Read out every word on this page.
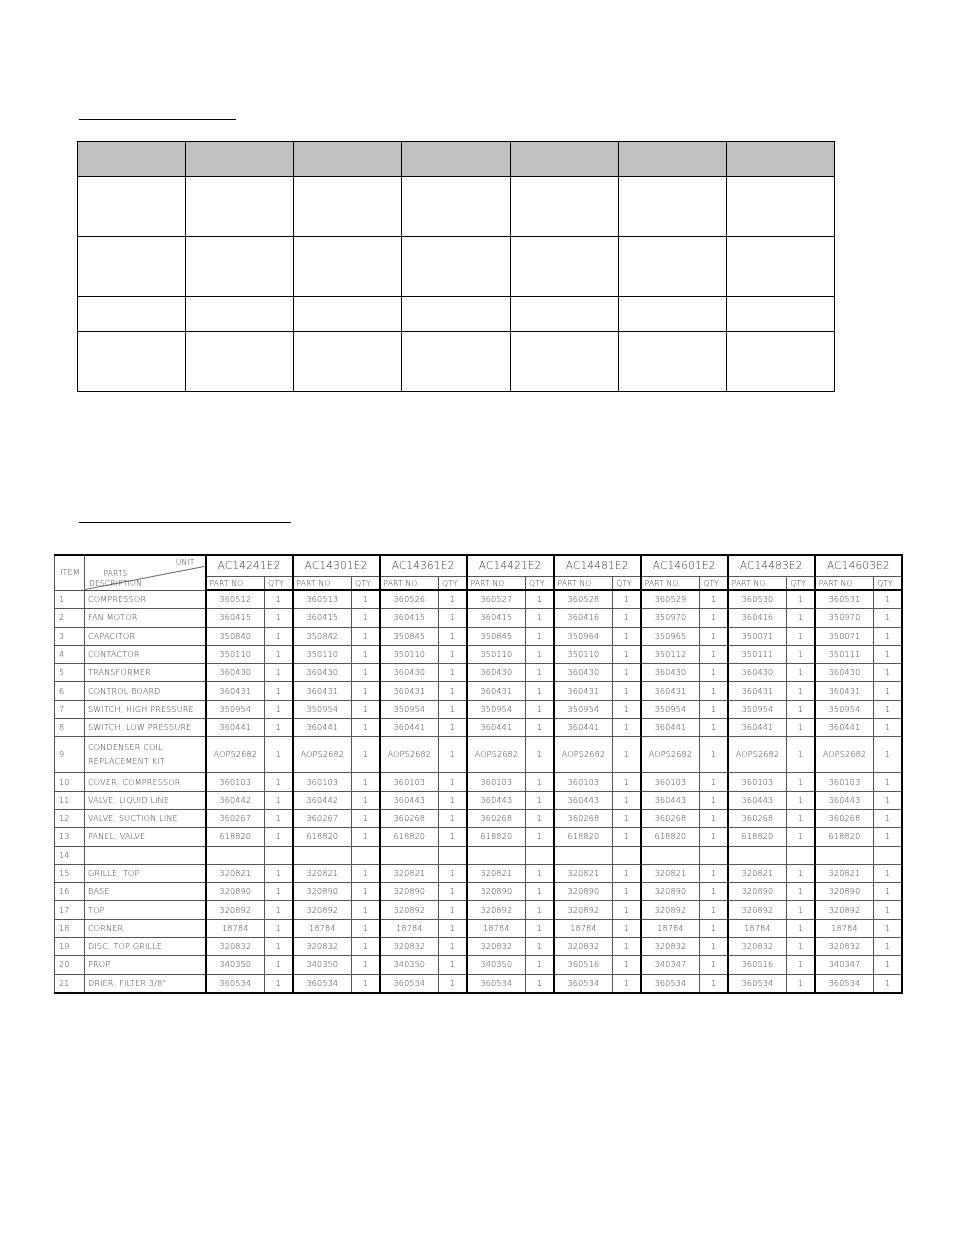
ITEM	UNIT
PARTS
DESCRIPTION	AC14241E2		AC14301E2		AC14361E2		AC14421E2		AC14481E2		AC14601E2		AC14483E2		AC14603E2	
		PART NO.	QTY.	PART NO.	QTY.	PART NO.	QTY.	PART NO.	QTY.	PART NO.	QTY.	PART NO.	QTY.	PART NO.	QTY.	PART NO.	QTY.
1	COMPRESSOR	360512	1	360513	1	360526	1	360527	1	360528	1	360529	1	360530	1	360531	1
2	FAN MOTOR	360415	1	360415	1	360415	1	360415	1	360416	1	350970	1	360416	1	350970	1
3	CAPACITOR	350840	1	350842	1	350845	1	350845	1	350964	1	350965	1	350071	1	350071	1
4	CONTACTOR	350110	1	350110	1	350110	1	350110	1	350110	1	350112	1	350111	1	350111	1
5	TRANSFORMER	360430	1	360430	1	360430	1	360430	1	360430	1	360430	1	360430	1	360430	1
6	CONTROL BOARD	360431	1	360431	1	360431	1	360431	1	360431	1	360431	1	360431	1	360431	1
7	SWITCH, HIGH PRESSURE	350954	1	350954	1	350954	1	350954	1	350954	1	350954	1	350954	1	350954	1
8	SWITCH, LOW PRESSURE	360441	1	360441	1	360441	1	360441	1	360441	1	360441	1	360441	1	360441	1
9	CONDENSER COIL REPLACEMENT KIT	AOPS2682	1	AOPS2682	1	AOPS2682	1	AOPS2682	1	AOPS2682	1	AOPS2682	1	AOPS2682	1	AOPS2682	1
10	COVER, COMPRESSOR	360103	1	360103	1	360103	1	360103	1	360103	1	360103	1	360103	1	360103	1
11	VALVE, LIQUID LINE	360442	1	360442	1	360443	1	360443	1	360443	1	360443	1	360443	1	360443	1
12	VALVE, SUCTION LINE	360267	1	360267	1	360268	1	360268	1	360268	1	360268	1	360268	1	360268	1
13	PANEL, VALVE	618820	1	618820	1	618820	1	618820	1	618820	1	618820	1	618820	1	618820	1
14																	
15	GRILLE, TOP	320821	1	320821	1	320821	1	320821	1	320821	1	320821	1	320821	1	320821	1
16	BASE	320890	1	320890	1	320890	1	320890	1	320890	1	320890	1	320890	1	320890	1
17	TOP	320892	1	320892	1	320892	1	320892	1	320892	1	320892	1	320892	1	320892	1
18	CORNER	18784	1	18784	1	18784	1	18784	1	18784	1	18784	1	18784	1	18784	1
19	DISC, TOP GRILLE	320832	1	320832	1	320832	1	320832	1	320832	1	320832	1	320832	1	320832	1
20	PROP	340350	1	340350	1	340350	1	340350	1	360516	1	340347	1	360516	1	340347	1
21	DRIER, FILTER 3/8"	360534	1	360534	1	360534	1	360534	1	360534	1	360534	1	360534	1	360534	1
